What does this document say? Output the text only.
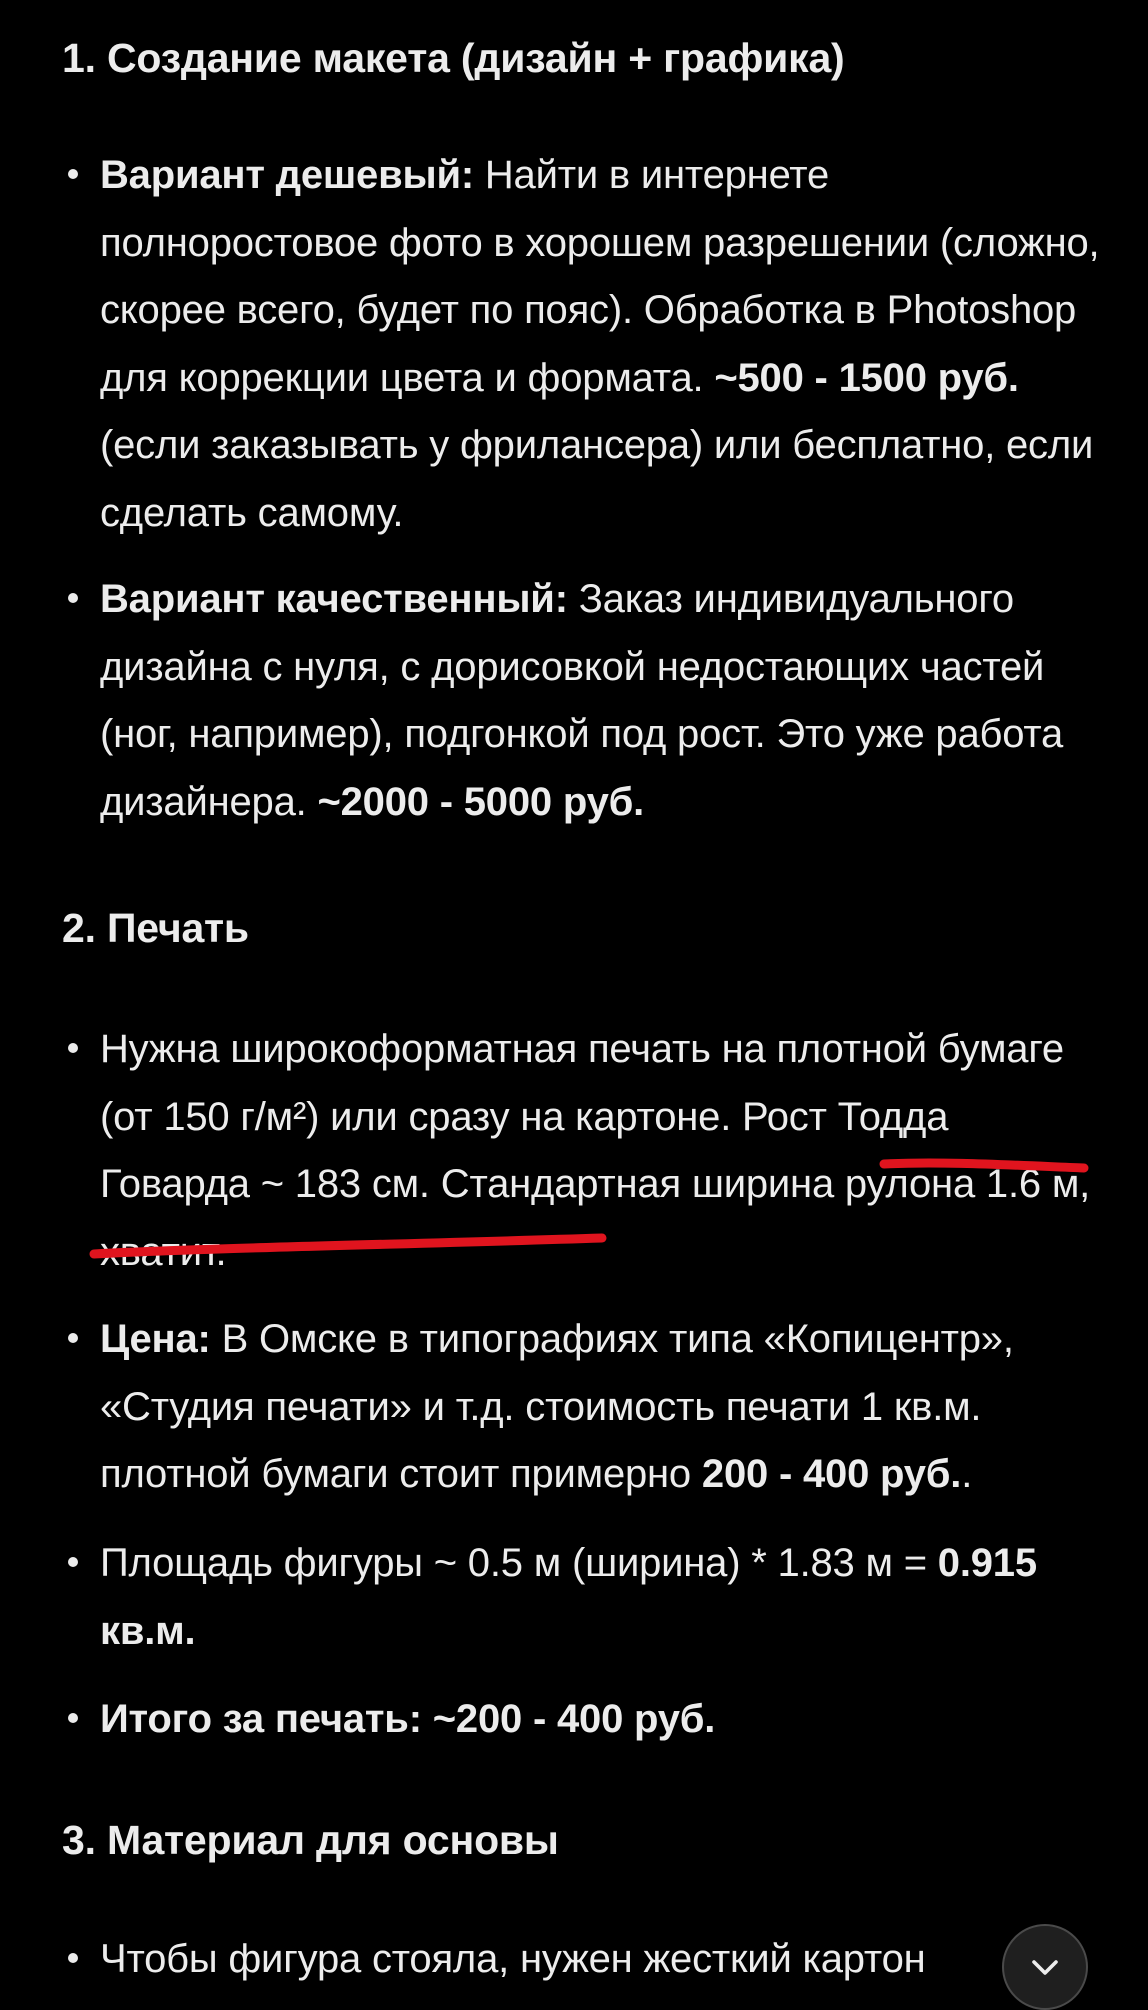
1. Создание макета (дизайн + графика)
Вариант дешевый: Найти в интернете полноростовое фото в хорошем разрешении (сложно, скорее всего, будет по пояс). Обработка в Photoshop для коррекции цвета и формата. ~500 - 1500 руб. (если заказывать у фрилансера) или бесплатно, если сделать самому.
Вариант качественный: Заказ индивидуального дизайна с нуля, с дорисовкой недостающих частей (ног, например), подгонкой под рост. Это уже работа дизайнера. ~2000 - 5000 руб.
2. Печать
Нужна широкоформатная печать на плотной бумаге (от 150 г/м²) или сразу на картоне. Рост Тодда Говарда ~ 183 см. Стандартная ширина рулона 1.6 м, хватит.
Цена: В Омске в типографиях типа «Копицентр», «Студия печати» и т.д. стоимость печати 1 кв.м. плотной бумаги стоит примерно 200 - 400 руб..
Площадь фигуры ~ 0.5 м (ширина) * 1.83 м = 0.915 кв.м.
Итого за печать: ~200 - 400 руб.
3. Материал для основы
Чтобы фигура стояла, нужен жесткий картон
